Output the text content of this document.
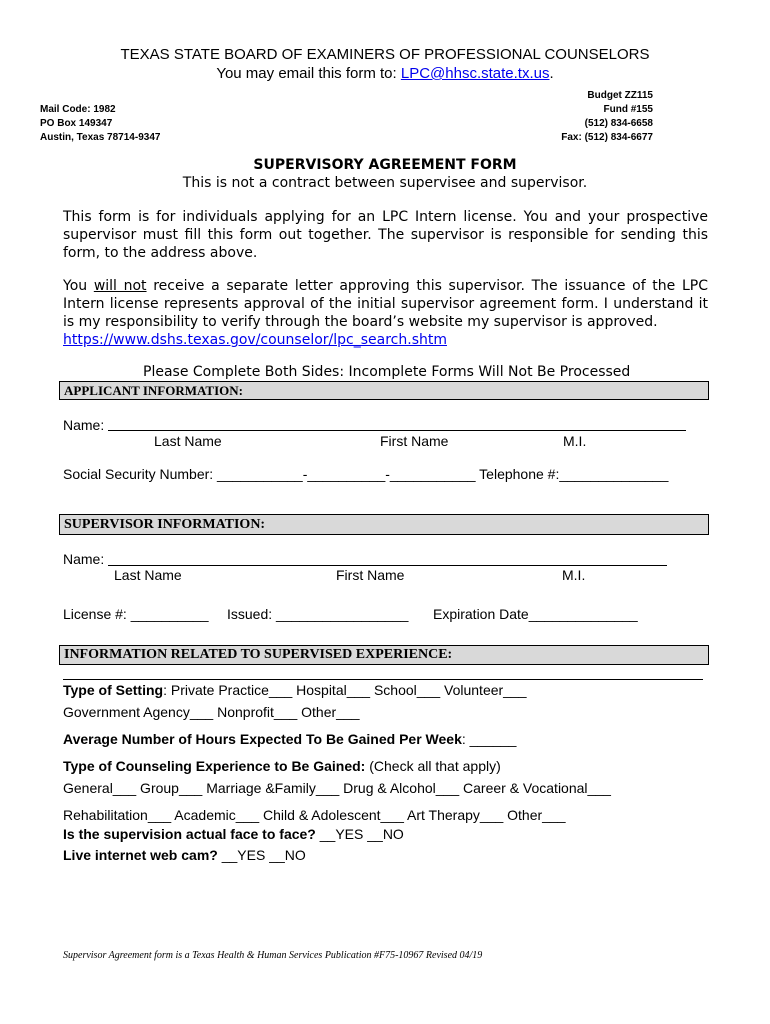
TEXAS STATE BOARD OF EXAMINERS OF PROFESSIONAL COUNSELORS
You may email this form to: LPC@hhsc.state.tx.us.
Mail Code: 1982
PO Box 149347
Austin, Texas 78714-9347
Budget ZZ115
Fund #155
(512) 834-6658
Fax: (512) 834-6677
SUPERVISORY AGREEMENT FORM
This is not a contract between supervisee and supervisor.
This form is for individuals applying for an LPC Intern license. You and your prospective supervisor must fill this form out together. The supervisor is responsible for sending this form, to the address above.
You will not receive a separate letter approving this supervisor. The issuance of the LPC Intern license represents approval of the initial supervisor agreement form. I understand it is my responsibility to verify through the board’s website my supervisor is approved.
https://www.dshs.texas.gov/counselor/lpc_search.shtm
Please Complete Both Sides: Incomplete Forms Will Not Be Processed
APPLICANT INFORMATION:
Name:
Last Name	First Name	M.I.
Social Security Number: ___________-__________-___________ Telephone #:______________
SUPERVISOR INFORMATION:
Name:
Last Name	First Name	M.I.
License #: __________ Issued: _________________ Expiration Date______________
INFORMATION RELATED TO SUPERVISED EXPERIENCE:
Type of Setting: Private Practice___ Hospital___ School___ Volunteer___
Government Agency___ Nonprofit___ Other___
Average Number of Hours Expected To Be Gained Per Week: ______
Type of Counseling Experience to Be Gained: (Check all that apply)
General___ Group___ Marriage &Family___ Drug & Alcohol___ Career & Vocational___
Rehabilitation___ Academic___ Child & Adolescent___ Art Therapy___ Other___
Is the supervision actual face to face? __YES __NO
Live internet web cam? __YES __NO
Supervisor Agreement form is a Texas Health & Human Services Publication #F75-10967 Revised 04/19
